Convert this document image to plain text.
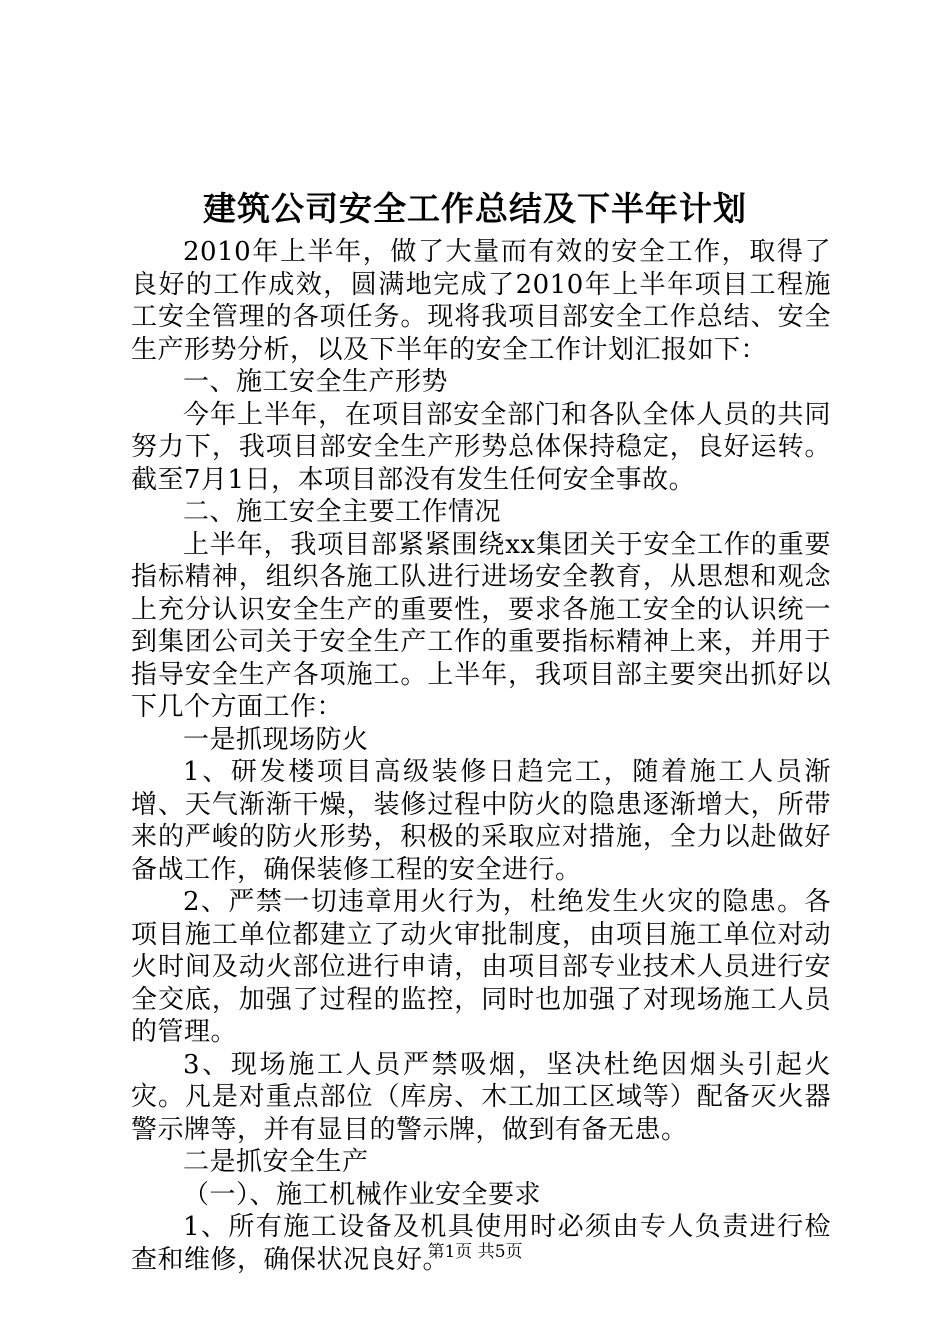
建筑公司安全工作总结及下半年计划

2010年上半年，做了大量而有效的安全工作，取得了良好的工作成效，圆满地完成了2010年上半年项目工程施工安全管理的各项任务。现将我项目部安全工作总结、安全生产形势分析，以及下半年的安全工作计划汇报如下：

一、施工安全生产形势

今年上半年，在项目部安全部门和各队全体人员的共同努力下，我项目部安全生产形势总体保持稳定，良好运转。截至7月1日，本项目部没有发生任何安全事故。

二、施工安全主要工作情况

上半年，我项目部紧紧围绕xx集团关于安全工作的重要指标精神，组织各施工队进行进场安全教育，从思想和观念上充分认识安全生产的重要性，要求各施工安全的认识统一到集团公司关于安全生产工作的重要指标精神上来，并用于指导安全生产各项施工。上半年，我项目部主要突出抓好以下几个方面工作：

一是抓现场防火

1、研发楼项目高级装修日趋完工，随着施工人员渐增、天气渐渐干燥，装修过程中防火的隐患逐渐增大，所带来的严峻的防火形势，积极的采取应对措施，全力以赴做好备战工作，确保装修工程的安全进行。

2、严禁一切违章用火行为，杜绝发生火灾的隐患。各项目施工单位都建立了动火审批制度，由项目施工单位对动火时间及动火部位进行申请，由项目部专业技术人员进行安全交底，加强了过程的监控，同时也加强了对现场施工人员的管理。

3、现场施工人员严禁吸烟，坚决杜绝因烟头引起火灾。凡是对重点部位（库房、木工加工区域等）配备灭火器警示牌等，并有显目的警示牌，做到有备无患。

二是抓安全生产

（一）、施工机械作业安全要求

1、所有施工设备及机具使用时必须由专人负责进行检查和维修，确保状况良好。

第1页 共5页
